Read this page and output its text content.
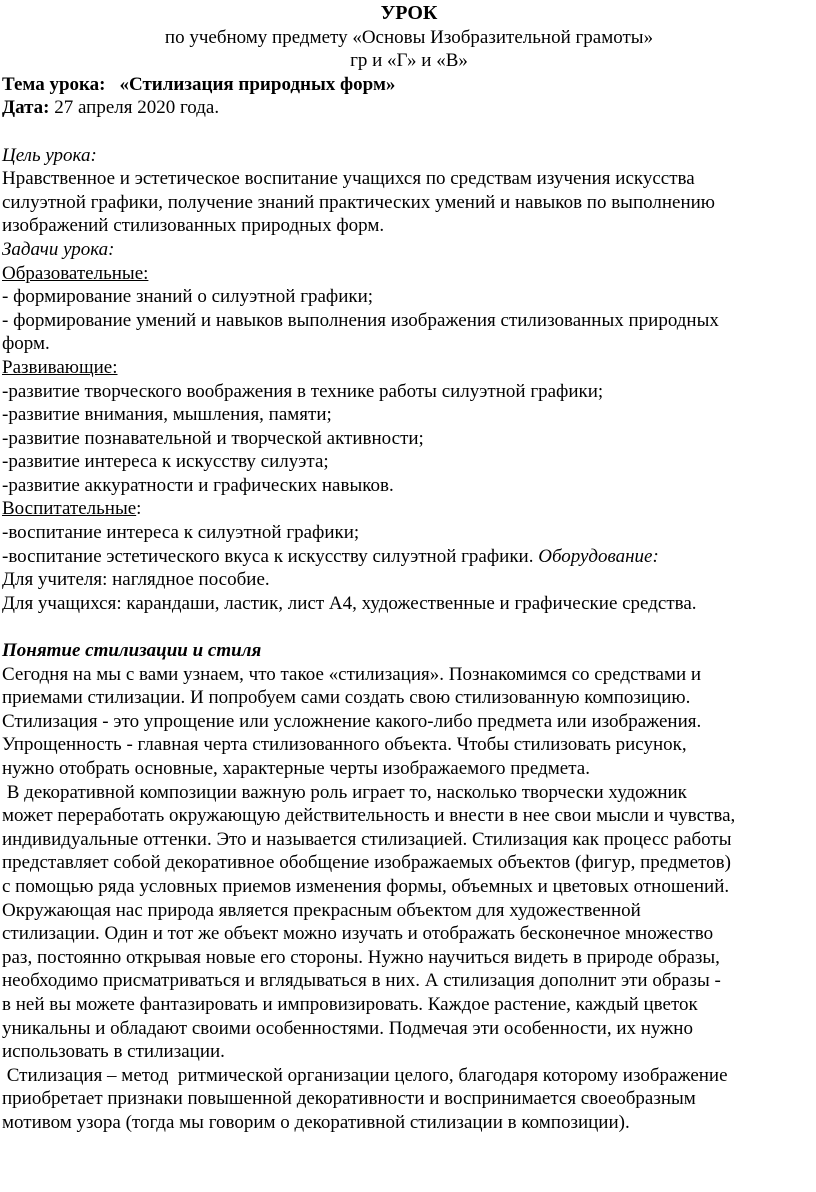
УРОК
по учебному предмету «Основы Изобразительной грамоты»
гр и «Г» и «В»
Тема урока: «Стилизация природных форм»
Дата: 27 апреля 2020 года.
Цель урока:
Нравственное и эстетическое воспитание учащихся по средствам изучения искусства
силуэтной графики, получение знаний практических умений и навыков по выполнению
изображений стилизованных природных форм.
Задачи урока:
Образовательные:
- формирование знаний о силуэтной графики;
- формирование умений и навыков выполнения изображения стилизованных природных
форм.
Развивающие:
-развитие творческого воображения в технике работы силуэтной графики;
-развитие внимания, мышления, памяти;
-развитие познавательной и творческой активности;
-развитие интереса к искусству силуэта;
-развитие аккуратности и графических навыков.
Воспитательные:
-воспитание интереса к силуэтной графики;
-воспитание эстетического вкуса к искусству силуэтной графики. Оборудование:
Для учителя: наглядное пособие.
Для учащихся: карандаши, ластик, лист А4, художественные и графические средства.
Понятие стилизации и стиля
Сегодня на мы с вами узнаем, что такое «стилизация». Познакомимся со средствами и
приемами стилизации. И попробуем сами создать свою стилизованную композицию.
Стилизация - это упрощение или усложнение какого-либо предмета или изображения.
Упрощенность - главная черта стилизованного объекта. Чтобы стилизовать рисунок,
нужно отобрать основные, характерные черты изображаемого предмета.
В декоративной композиции важную роль играет то, насколько творчески художник
может переработать окружающую действительность и внести в нее свои мысли и чувства,
индивидуальные оттенки. Это и называется стилизацией. Стилизация как процесс работы
представляет собой декоративное обобщение изображаемых объектов (фигур, предметов)
с помощью ряда условных приемов изменения формы, объемных и цветовых отношений.
Окружающая нас природа является прекрасным объектом для художественной
стилизации. Один и тот же объект можно изучать и отображать бесконечное множество
раз, постоянно открывая новые его стороны. Нужно научиться видеть в природе образы,
необходимо присматриваться и вглядываться в них. А стилизация дополнит эти образы -
в ней вы можете фантазировать и импровизировать. Каждое растение, каждый цветок
уникальны и обладают своими особенностями. Подмечая эти особенности, их нужно
использовать в стилизации.
Стилизация – метод  ритмической организации целого, благодаря которому изображение
приобретает признаки повышенной декоративности и воспринимается своеобразным
мотивом узора (тогда мы говорим о декоративной стилизации в композиции).
